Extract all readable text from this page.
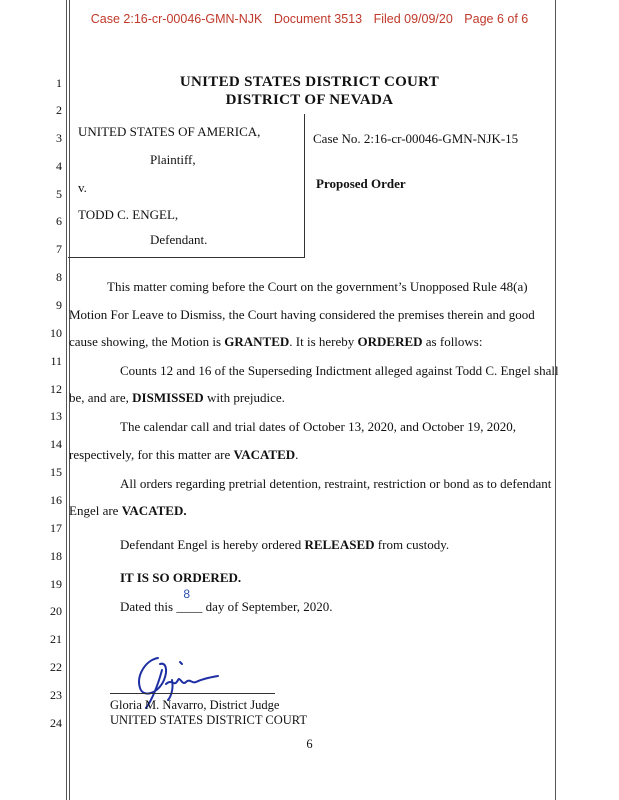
Case 2:16-cr-00046-GMN-NJK Document 3513 Filed 09/09/20 Page 6 of 6
1
2
3
4
5
6
7
8
9
10
11
12
13
14
15
16
17
18
19
20
21
22
23
24
UNITED STATES DISTRICT COURT
DISTRICT OF NEVADA
UNITED STATES OF AMERICA,
Plaintiff,
v.
TODD C. ENGEL,
Defendant.
Case No. 2:16-cr-00046-GMN-NJK-15
Proposed Order
This matter coming before the Court on the government’s Unopposed Rule 48(a)
Motion For Leave to Dismiss, the Court having considered the premises therein and good
cause showing, the Motion is GRANTED. It is hereby ORDERED as follows:
Counts 12 and 16 of the Superseding Indictment alleged against Todd C. Engel shall
be, and are, DISMISSED with prejudice.
The calendar call and trial dates of October 13, 2020, and October 19, 2020,
respectively, for this matter are VACATED.
All orders regarding pretrial detention, restraint, restriction or bond as to defendant
Engel are VACATED.
Defendant Engel is hereby ordered RELEASED from custody.
IT IS SO ORDERED.
Dated this ____
8
day of September, 2020.
Gloria M. Navarro, District Judge
UNITED STATES DISTRICT COURT
6
